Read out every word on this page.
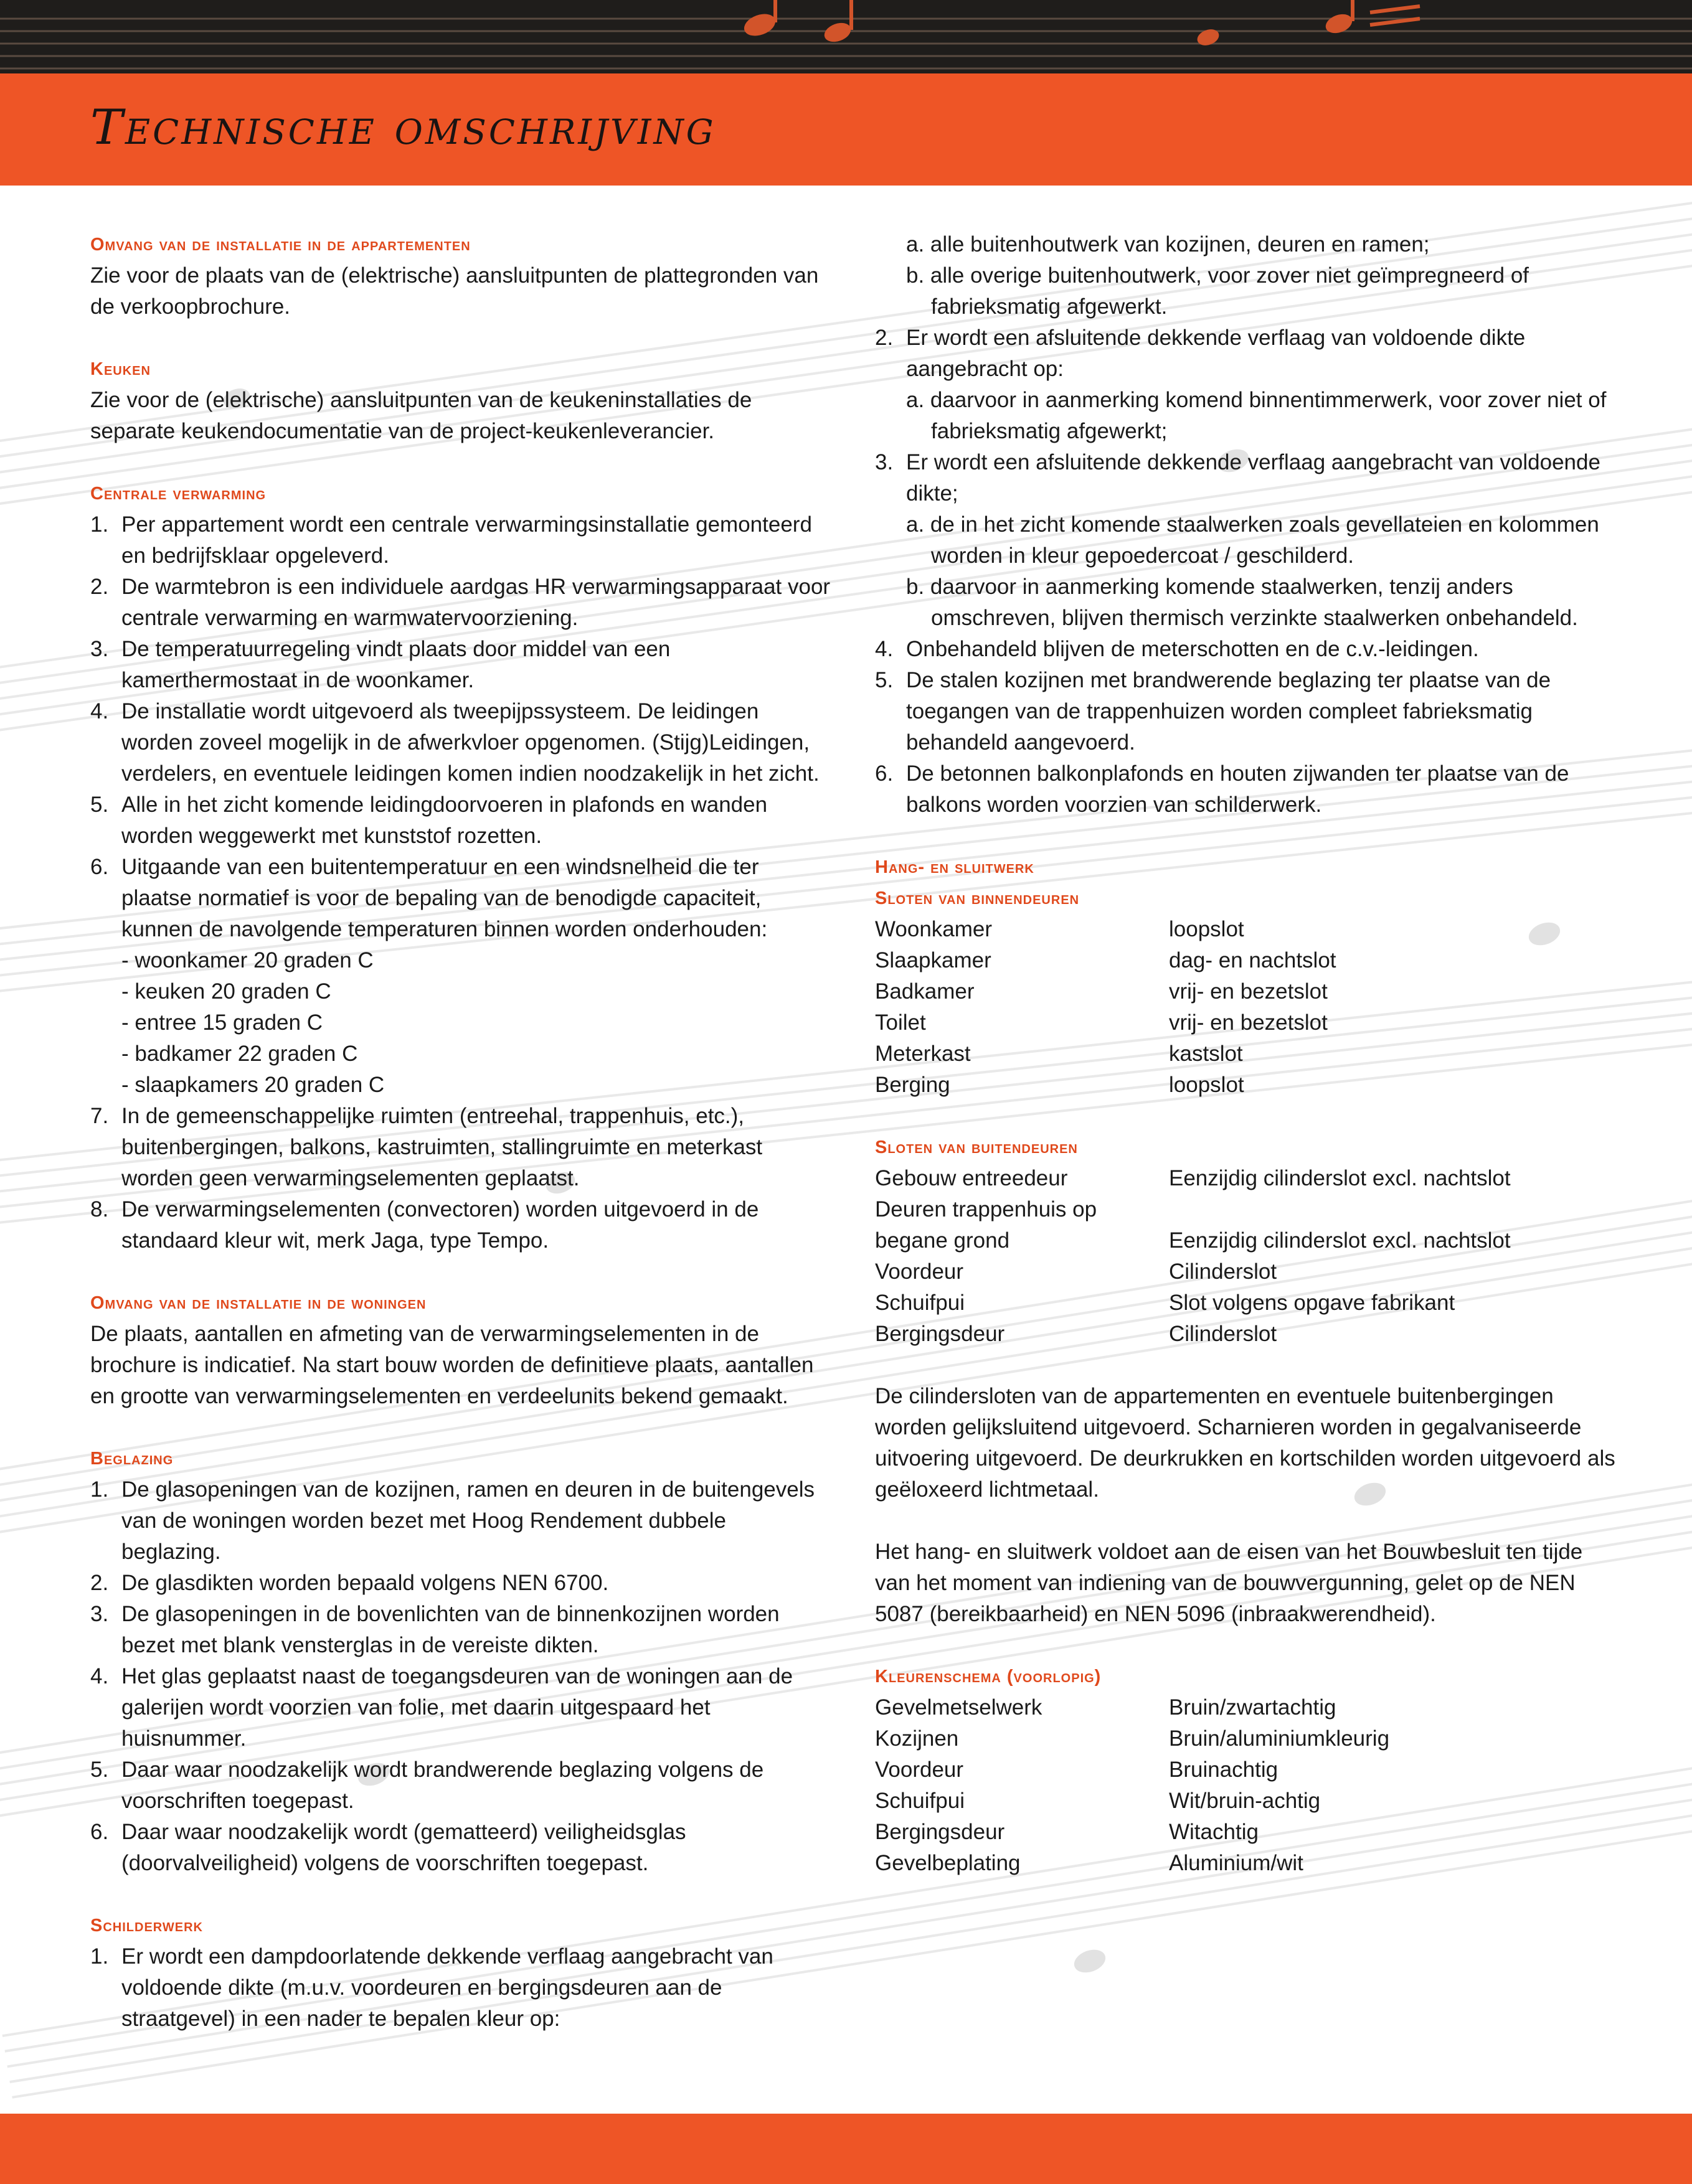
Technische omschrijving
Omvang van de installatie in de appartementen

Zie voor de plaats van de (elektrische) aansluitpunten de plattegronden van de verkoopbrochure.

Keuken

Zie voor de (elektrische) aansluitpunten van de keukeninstallaties de separate keukendocumentatie van de project-keukenleverancier.

Centrale verwarming
1. Per appartement wordt een centrale verwarmingsinstallatie gemonteerd en bedrijfsklaar opgeleverd.
2. De warmtebron is een individuele aardgas HR verwarmingsapparaat voor centrale verwarming en warmwatervoorziening.
3. De temperatuurregeling vindt plaats door middel van een kamerthermostaat in de woonkamer.
4. De installatie wordt uitgevoerd als tweepijpssysteem. De leidingen worden zoveel mogelijk in de afwerkvloer opgenomen. (Stijg)Leidingen, verdelers, en eventuele leidingen komen indien noodzakelijk in het zicht.
5. Alle in het zicht komende leidingdoorvoeren in plafonds en wanden worden weggewerkt met kunststof rozetten.
6. Uitgaande van een buitentemperatuur en een windsnelheid die ter plaatse normatief is voor de bepaling van de benodigde capaciteit, kunnen de navolgende temperaturen binnen worden onderhouden:
- woonkamer 20 graden C
- keuken 20 graden C
- entree 15 graden C
- badkamer 22 graden C
- slaapkamers 20 graden C
7. In de gemeenschappelijke ruimten (entreehal, trappenhuis, etc.), buitenbergingen, balkons, kastruimten, stallingruimte en meterkast worden geen verwarmingselementen geplaatst.
8. De verwarmingselementen (convectoren) worden uitgevoerd in de standaard kleur wit, merk Jaga, type Tempo.
Omvang van de installatie in de woningen

De plaats, aantallen en afmeting van de verwarmingselementen in de brochure is indicatief. Na start bouw worden de definitieve plaats, aantallen en grootte van verwarmingselementen en verdeelunits bekend gemaakt.

Beglazing
1. De glasopeningen van de kozijnen, ramen en deuren in de buitengevels van de woningen worden bezet met Hoog Rendement dubbele beglazing.
2. De glasdikten worden bepaald volgens NEN 6700.
3. De glasopeningen in de bovenlichten van de binnenkozijnen worden bezet met blank vensterglas in de vereiste dikten.
4. Het glas geplaatst naast de toegangsdeuren van de woningen aan de galerijen wordt voorzien van folie, met daarin uitgespaard het huisnummer.
5. Daar waar noodzakelijk wordt brandwerende beglazing volgens de voorschriften toegepast.
6. Daar waar noodzakelijk wordt (gematteerd) veiligheidsglas (doorvalveiligheid) volgens de voorschriften toegepast.
Schilderwerk
1. Er wordt een dampdoorlatende dekkende verflaag aangebracht van voldoende dikte (m.u.v. voordeuren en bergingsdeuren aan de straatgevel) in een nader te bepalen kleur op:
a. alle buitenhoutwerk van kozijnen, deuren en ramen;
b. alle overige buitenhoutwerk, voor zover niet geïmpregneerd of fabrieksmatig afgewerkt.
2. Er wordt een afsluitende dekkende verflaag van voldoende dikte aangebracht op:
a. daarvoor in aanmerking komend binnentimmerwerk, voor zover niet of fabrieksmatig afgewerkt;
3. Er wordt een afsluitende dekkende verflaag aangebracht van voldoende dikte;
a. de in het zicht komende staalwerken zoals gevellateien en kolommen worden in kleur gepoedercoat / geschilderd.
b. daarvoor in aanmerking komende staalwerken, tenzij anders omschreven, blijven thermisch verzinkte staalwerken onbehandeld.
4. Onbehandeld blijven de meterschotten en de c.v.-leidingen.
5. De stalen kozijnen met brandwerende beglazing ter plaatse van de toegangen van de trappenhuizen worden compleet fabrieksmatig behandeld aangevoerd.
6. De betonnen balkonplafonds en houten zijwanden ter plaatse van de balkons worden voorzien van schilderwerk.
Hang- en sluitwerk
Sloten van binnendeuren
Woonkamer	loopslot
Slaapkamer	dag- en nachtslot
Badkamer	vrij- en bezetslot
Toilet	vrij- en bezetslot
Meterkast	kastslot
Berging	loopslot
Sloten van buitendeuren
Gebouw entreedeur	Eenzijdig cilinderslot excl. nachtslot
Deuren trappenhuis op
begane grond	Eenzijdig cilinderslot excl. nachtslot
Voordeur	Cilinderslot
Schuifpui	Slot volgens opgave fabrikant
Bergingsdeur	Cilinderslot

De cilindersloten van de appartementen en eventuele buitenbergingen worden gelijksluitend uitgevoerd. Scharnieren worden in gegalvaniseerde uitvoering uitgevoerd. De deurkrukken en kortschilden worden uitgevoerd als geëloxeerd lichtmetaal.

Het hang- en sluitwerk voldoet aan de eisen van het Bouwbesluit ten tijde van het moment van indiening van de bouwvergunning, gelet op de NEN 5087 (bereikbaarheid) en NEN 5096 (inbraakwerendheid).

Kleurenschema (voorlopig)
Gevelmetselwerk	Bruin/zwartachtig
Kozijnen	Bruin/aluminiumkleurig
Voordeur	Bruinachtig
Schuifpui	Wit/bruin-achtig
Bergingsdeur	Witachtig
Gevelbeplating	Aluminium/wit
